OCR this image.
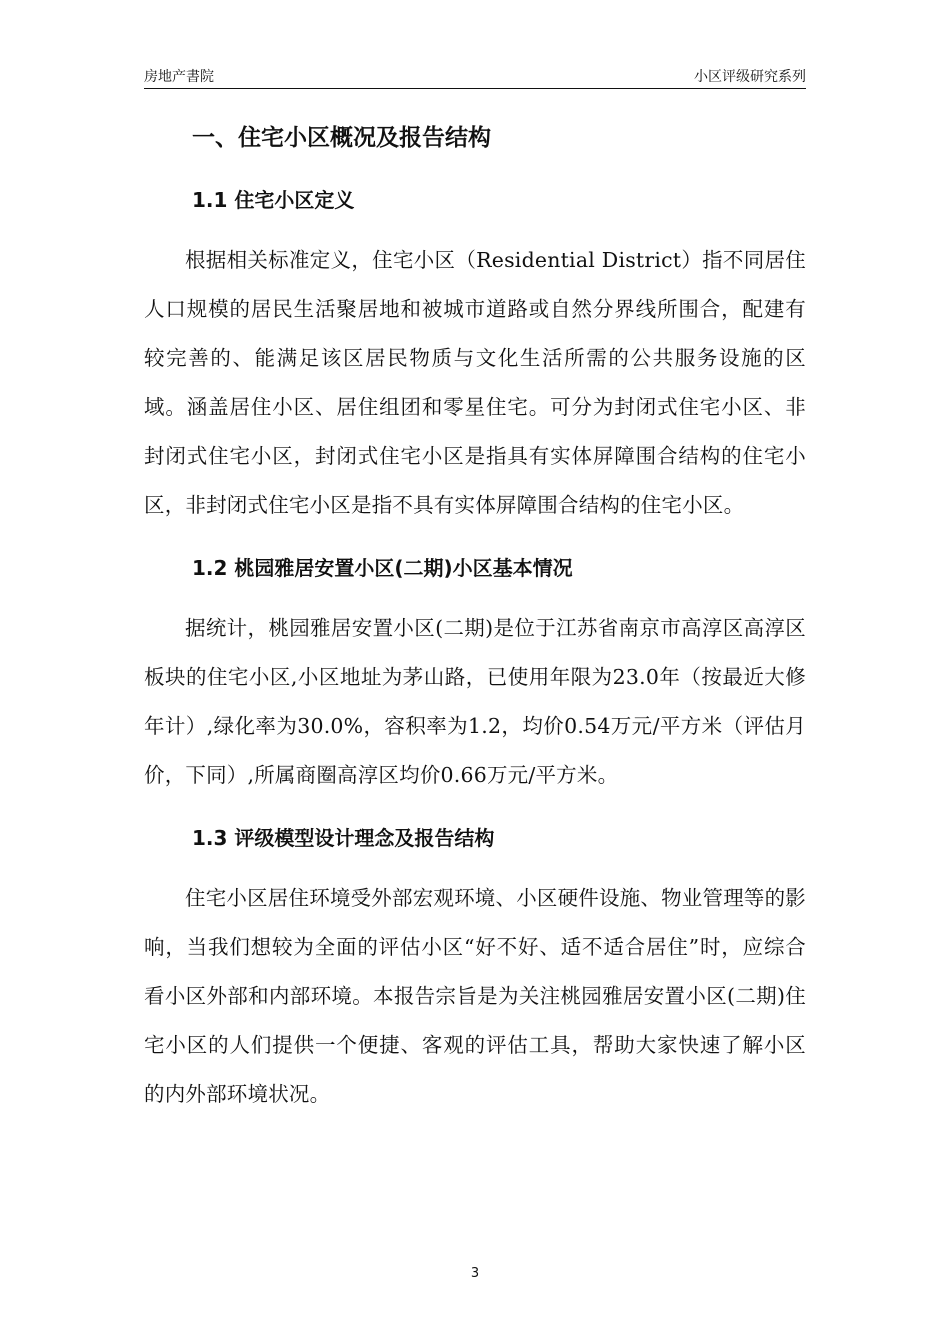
房地产書院	小区评级研究系列
一、住宅小区概况及报告结构
1.1 住宅小区定义

根据相关标准定义，住宅小区（Residential District）指不同居住人口规模的居民生活聚居地和被城市道路或自然分界线所围合，配建有较完善的、能满足该区居民物质与文化生活所需的公共服务设施的区域。涵盖居住小区、居住组团和零星住宅。可分为封闭式住宅小区、非封闭式住宅小区，封闭式住宅小区是指具有实体屏障围合结构的住宅小区，非封闭式住宅小区是指不具有实体屏障围合结构的住宅小区。

1.2 桃园雅居安置小区(二期)小区基本情况

据统计，桃园雅居安置小区(二期)是位于江苏省南京市高淳区高淳区板块的住宅小区,小区地址为茅山路，已使用年限为23.0年（按最近大修年计）,绿化率为30.0%，容积率为1.2，均价0.54万元/平方米（评估月价，下同）,所属商圈高淳区均价0.66万元/平方米。

1.3 评级模型设计理念及报告结构

住宅小区居住环境受外部宏观环境、小区硬件设施、物业管理等的影响，当我们想较为全面的评估小区“好不好、适不适合居住”时，应综合看小区外部和内部环境。本报告宗旨是为关注桃园雅居安置小区(二期)住宅小区的人们提供一个便捷、客观的评估工具，帮助大家快速了解小区的内外部环境状况。

3
